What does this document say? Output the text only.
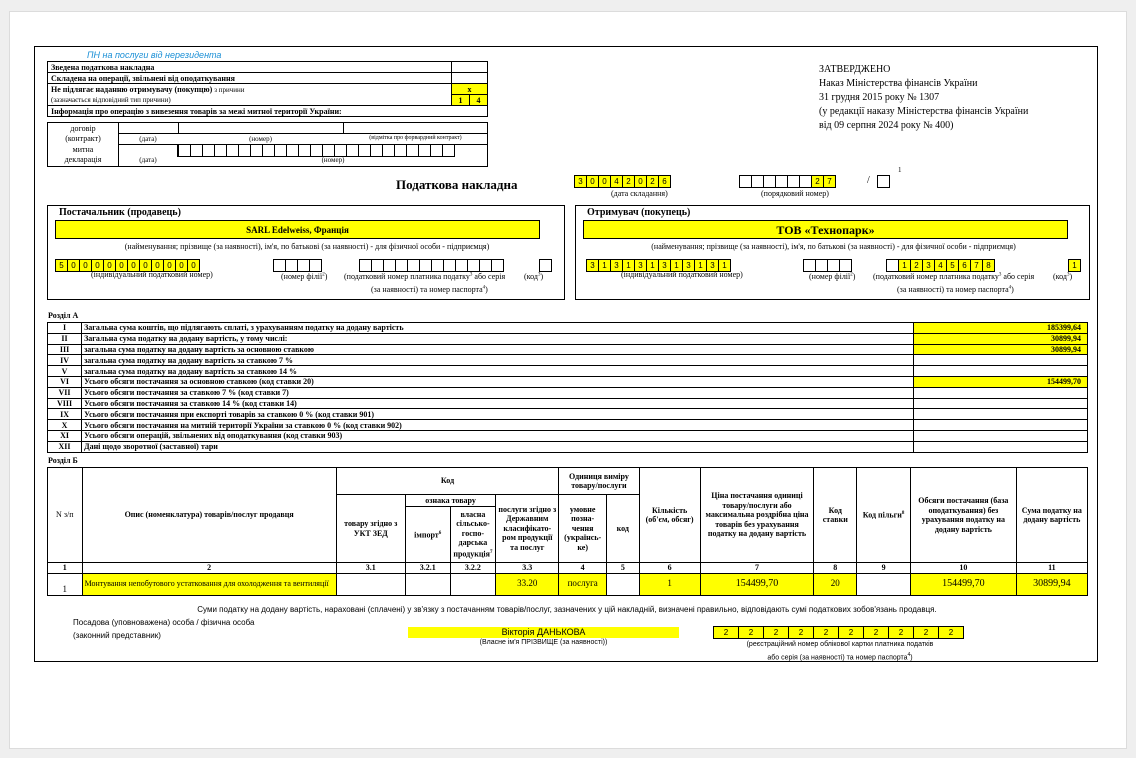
ПН на послуги від нерезидента
Зведена податкова накладна		
Складена на операції, звільнені від оподаткування		
Не підлягає наданню отримувачу (покупцю) з причини
(зазначається відповідний тип причини)	x	
	1	4
Інформація про операцію з вивезення товарів за межі митної території України:		
договір
(контракт)
митна
декларація
(дата)	(номер)	(відмітка про форвардний контракт)
(дата)	(номер)
ЗАТВЕРДЖЕНО
Наказ Міністерства фінансів України
31 грудня 2015 року № 1307
(у редакції наказу Міністерства фінансів України
від 09 серпня 2024 року № 400)
Податкова накладна	3 0 0 4 2 0 2 6
(дата складання)
2 7	/
1
(порядковий номер)
Постачальник (продавець)
SARL Edelweiss, Франція
(найменування; прізвище (за наявності), ім'я, по батькові (за наявності) - для фізичної особи - підприємця)
5 0 0 0 0 0 0 0 0 0 0 0
(індивідуальний податковий номер)	(номер філії$^2$) (податковий номер платника податку$^3$ або серія (код$^3$)
(за наявності) та номер паспорта$^4$)
Отримувач (покупець)
ТОВ «Технопарк»
(найменування; прізвище (за наявності), ім'я, по батькові (за наявності) - для фізичної особи - підприємця)
3 1 3 1 3 1 3 1 3 1 3 1
(індивідуальний податковий номер)	(номер філії$^2$)
1 2 3 4 5 6 7 8	1
(податковий номер платника податку$^3$ або серія (код$^3$)
(за наявності) та номер паспорта$^4$)
Розділ А
I	Загальна сума коштів, що підлягають сплаті, з урахуванням податку на додану вартість	185399,64
II	Загальна сума податку на додану вартість, у тому числі:	30899,94
III	загальна сума податку на додану вартість за основною ставкою	30899,94
IV	загальна сума податку на додану вартість за ставкою 7 %	
V	загальна сума податку на додану вартість за ставкою 14 %	
VI	Усього обсяги постачання за основною ставкою (код ставки 20)	154499,70
VII	Усього обсяги постачання за ставкою 7 % (код ставки 7)	
VIII	Усього обсяги постачання за ставкою 14 % (код ставки 14)	
IX	Усього обсяги постачання при експорті товарів за ставкою 0 % (код ставки 901)	
X	Усього обсяги постачання на митній території України за ставкою 0 % (код ставки 902)	
XI	Усього обсяги операцій, звільнених від оподаткування (код ставки 903)	
XII	Дані щодо зворотної (заставної) тари	
Розділ Б
N з/п	Опис (номенклатура) товарів/послуг продавця	Код				Одиниця виміру товару/послуги		Кількість (об'єм, обсяг)	Ціна постачання одиниці товару/послуги або максимальна роздрібна ціна товарів без урахування податку на додану вартість	Код ставки	Код пільги$^8$	Обсяги постачання (база оподаткування) без урахування податку на додану вартість	Сума податку на додану вартість
		товару згідно з УКТ ЗЕД	ознака товару		послуги згідно з Державним класифікато-ром продукції та послуг	умовне позна-чення (українсь-ке)	код						
			імпорт$^6$	власна сільсько-госпо-дарська продукція$^7$
1	2	3.1	3.2.1	3.2.2	3.3	4	5	6	7	8	9	10	11
1	Монтування непобутового устатковання для охолодження та вентиляції				33.20	послуга		1	154499,70	20		154499,70	30899,94
Суми податку на додану вартість, нараховані (сплачені) у зв'язку з постачанням товарів/послуг, зазначених у цій накладній, визначені правильно, відповідають сумі податкових зобов'язань продавця.
Посадова (уповноважена) особа / фізична особа
(законний представник)	Вікторія ДАНЬКОВА
(Власне ім'я ПРІЗВИЩЕ (за наявності))
2	2	2	2	2	2	2	2	2	2
(реєстраційний номер облікової картки платника податків
або серія (за наявності) та номер паспорта$^4$)
